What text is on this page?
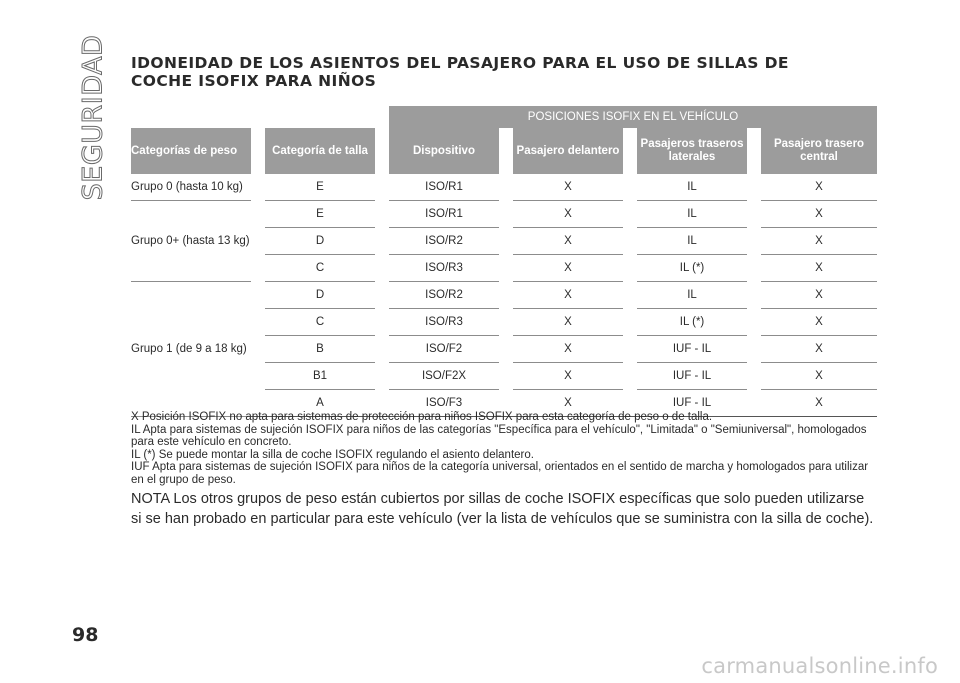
SEGURIDAD IDONEIDAD DE LOS ASIENTOS DEL PASAJERO PARA EL USO DE SILLAS DE COCHE ISOFIX PARA NIÑOS
				POSICIONES ISOFIX EN EL VEHÍCULO						
Categorías de peso		Categoría de talla		Dispositivo		Pasajero delantero		Pasajeros traseros laterales		Pasajero trasero central
Grupo 0 (hasta 10 kg)		E		ISO/R1		X		IL		X
Grupo 0+ (hasta 13 kg)		E		ISO/R1		X		IL		X
		D		ISO/R2		X		IL		X
		C		ISO/R3		X		IL (*)		X
Grupo 1 (de 9 a 18 kg)		D		ISO/R2		X		IL		X
		C		ISO/R3		X		IL (*)		X
		B		ISO/F2		X		IUF - IL		X
		B1		ISO/F2X		X		IUF - IL		X
		A		ISO/F3		X		IUF - IL		X

X Posición ISOFIX no apta para sistemas de protección para niños ISOFIX para esta categoría de peso o de talla.

IL Apta para sistemas de sujeción ISOFIX para niños de las categorías "Específica para el vehículo", "Limitada" o "Semiuniversal", homologados para este vehículo en concreto.

IL (*) Se puede montar la silla de coche ISOFIX regulando el asiento delantero.

IUF Apta para sistemas de sujeción ISOFIX para niños de la categoría universal, orientados en el sentido de marcha y homologados para utilizar en el grupo de peso.

NOTA Los otros grupos de peso están cubiertos por sillas de coche ISOFIX específicas que solo pueden utilizarse si se han probado en particular para este vehículo (ver la lista de vehículos que se suministra con la silla de coche).

98
carmanualsonline.info
